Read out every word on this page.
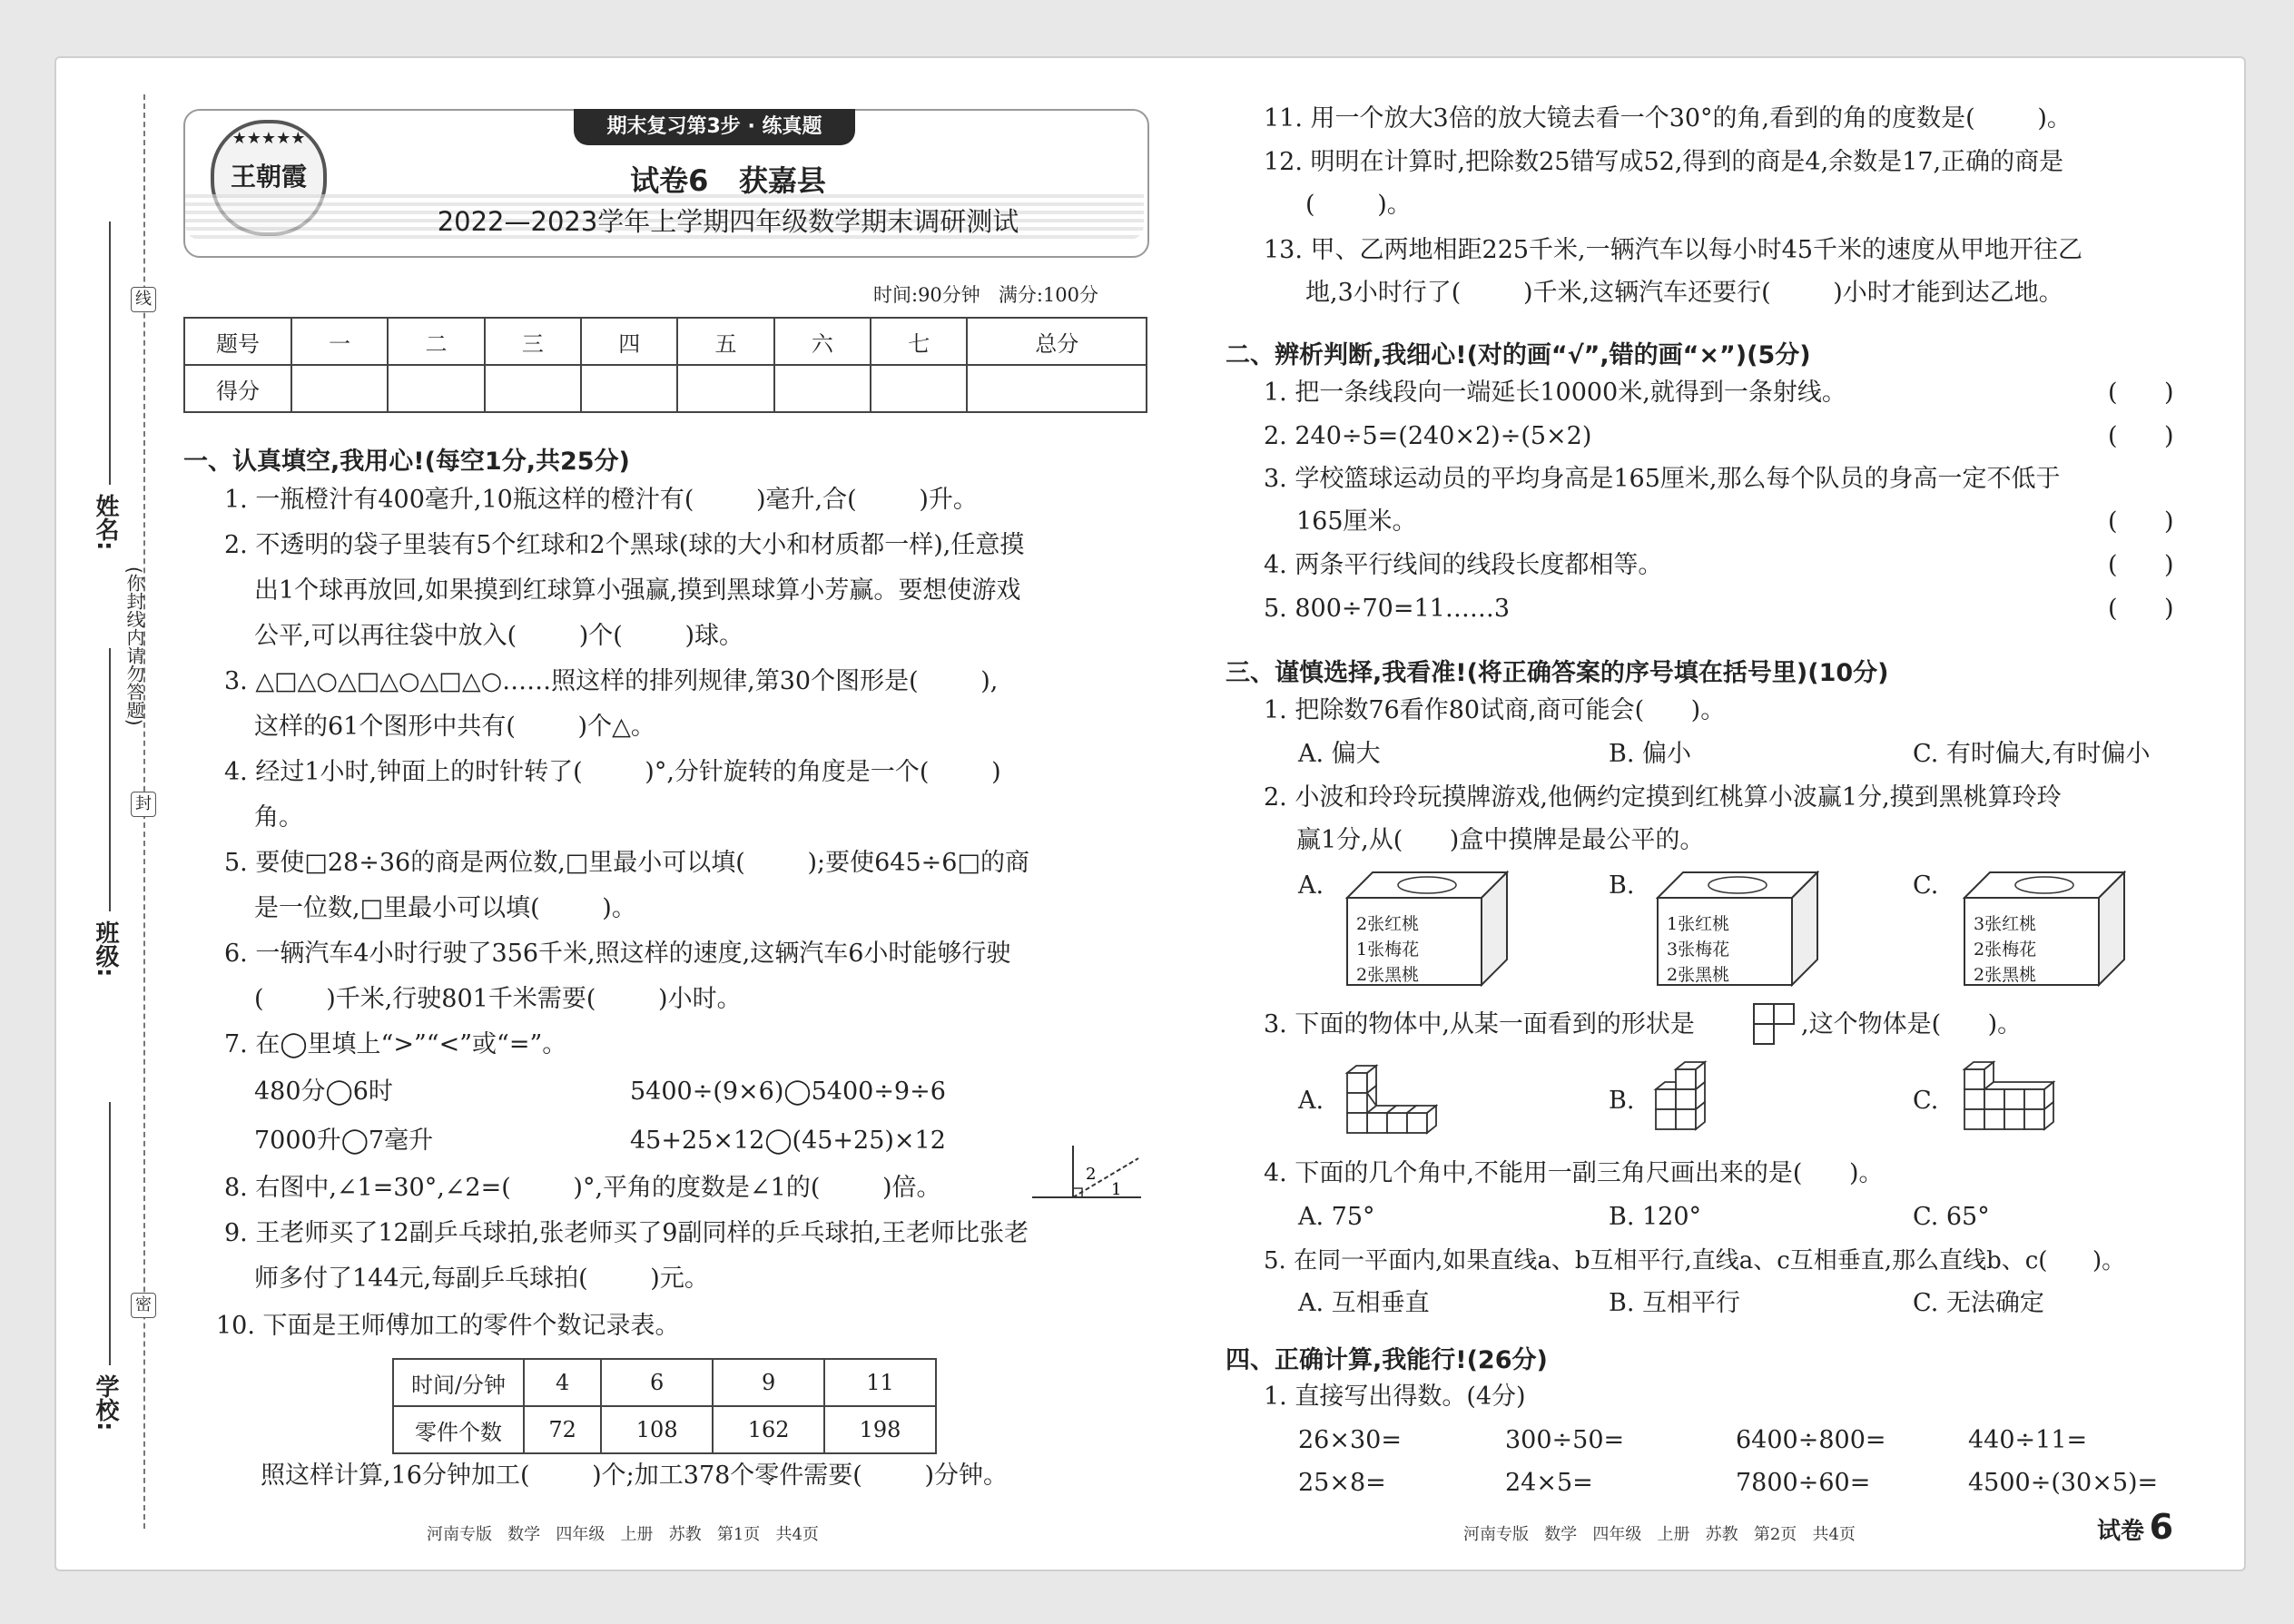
线
封
密
(你封线内请勿答题)
姓名:
班级:
学校:
期末复习第3步 · 练真题
★★★★★
王朝霞	试卷6   获嘉县
2022—2023学年上学期四年级数学期末调研测试
时间:90分钟   满分:100分
题号	一	二	三	四	五	六	七	总分
得分								
一、认真填空,我用心!(每空1分,共25分)
1. 一瓶橙汁有400毫升,10瓶这样的橙汁有(        )毫升,合(        )升。
2. 不透明的袋子里装有5个红球和2个黑球(球的大小和材质都一样),任意摸
出1个球再放回,如果摸到红球算小强赢,摸到黑球算小芳赢。要想使游戏
公平,可以再往袋中放入(        )个(        )球。
3. △□△○△□△○△□△○……照这样的排列规律,第30个图形是(        ),
这样的61个图形中共有(        )个△。
4. 经过1小时,钟面上的时针转了(        )°,分针旋转的角度是一个(        )
角。
5. 要使□28÷36的商是两位数,□里最小可以填(        );要使645÷6□的商
是一位数,□里最小可以填(        )。
6. 一辆汽车4小时行驶了356千米,照这样的速度,这辆汽车6小时能够行驶
(        )千米,行驶801千米需要(        )小时。
7. 在◯里填上“>”“<”或“=”。
480分◯6时	5400÷(9×6)◯5400÷9÷6
7000升◯7毫升	45+25×12◯(45+25)×12
8. 右图中,∠1=30°,∠2=(        )°,平角的度数是∠1的(        )倍。	2
1
9. 王老师买了12副乒乓球拍,张老师买了9副同样的乒乓球拍,王老师比张老
师多付了144元,每副乒乓球拍(        )元。
10. 下面是王师傅加工的零件个数记录表。
时间/分钟	4	6	9	11
零件个数	72	108	162	198
照这样计算,16分钟加工(        )个;加工378个零件需要(        )分钟。
河南专版   数学   四年级   上册   苏教   第1页   共4页
11. 用一个放大3倍的放大镜去看一个30°的角,看到的角的度数是(        )。
12. 明明在计算时,把除数25错写成52,得到的商是4,余数是17,正确的商是
(        )。
13. 甲、乙两地相距225千米,一辆汽车以每小时45千米的速度从甲地开往乙
地,3小时行了(        )千米,这辆汽车还要行(        )小时才能到达乙地。
二、辨析判断,我细心!(对的画“√”,错的画“×”)(5分)
1. 把一条线段向一端延长10000米,就得到一条射线。	(      )
2. 240÷5=(240×2)÷(5×2)	(      )
3. 学校篮球运动员的平均身高是165厘米,那么每个队员的身高一定不低于
165厘米。	(      )
4. 两条平行线间的线段长度都相等。	(      )
5. 800÷70=11……3	(      )
三、谨慎选择,我看准!(将正确答案的序号填在括号里)(10分)
1. 把除数76看作80试商,商可能会(      )。
A. 偏大	B. 偏小	C. 有时偏大,有时偏小
2. 小波和玲玲玩摸牌游戏,他俩约定摸到红桃算小波赢1分,摸到黑桃算玲玲
赢1分,从(      )盒中摸牌是最公平的。
A.	B.	C.
2张红桃
1张梅花
2张黑桃
1张红桃
3张梅花
2张黑桃
3张红桃
2张梅花
2张黑桃
3. 下面的物体中,从某一面看到的形状是	,这个物体是(      )。
A.	B.	C.
4. 下面的几个角中,不能用一副三角尺画出来的是(      )。
A. 75°	B. 120°	C. 65°
5. 在同一平面内,如果直线a、b互相平行,直线a、c互相垂直,那么直线b、c(      )。
A. 互相垂直	B. 互相平行	C. 无法确定
四、正确计算,我能行!(26分)
1. 直接写出得数。(4分)
26×30=	300÷50=	6400÷800=	440÷11=
25×8=	24×5=	7800÷60=	4500÷(30×5)=
河南专版   数学   四年级   上册   苏教   第2页   共4页	试卷 6
